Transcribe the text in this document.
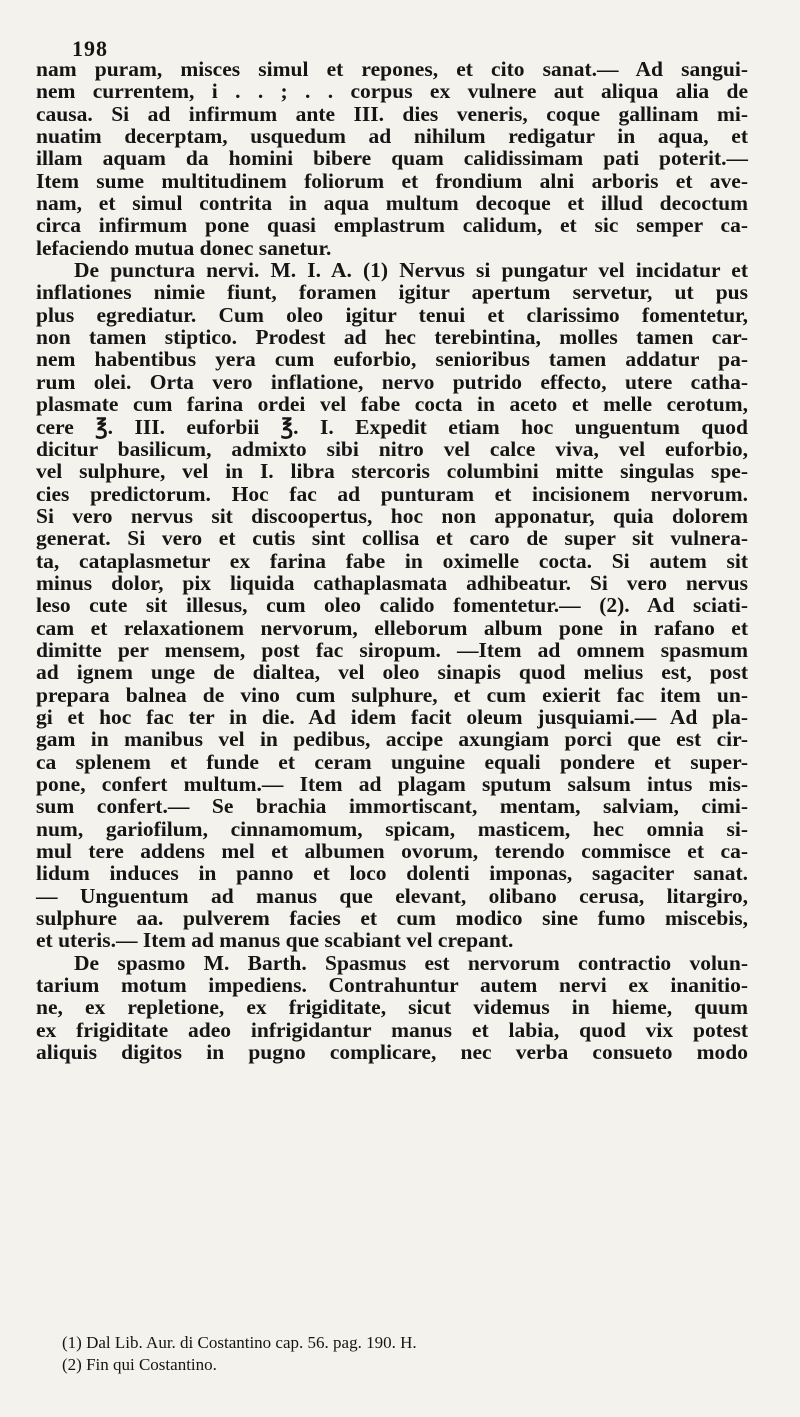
198
nam puram, misces simul et repones, et cito sanat.— Ad sangui-
nem currentem, i . . ; . . corpus ex vulnere aut aliqua alia de
causa. Si ad infirmum ante III. dies veneris, coque gallinam mi-
nuatim decerptam, usquedum ad nihilum redigatur in aqua, et
illam aquam da homini bibere quam calidissimam pati poterit.—
Item sume multitudinem foliorum et frondium alni arboris et ave-
nam, et simul contrita in aqua multum decoque et illud decoctum
circa infirmum pone quasi emplastrum calidum, et sic semper ca-
lefaciendo mutua donec sanetur.
De punctura nervi. M. I. A. (1) Nervus si pungatur vel incidatur et
inflationes nimie fiunt, foramen igitur apertum servetur, ut pus
plus egrediatur. Cum oleo igitur tenui et clarissimo fomentetur,
non tamen stiptico. Prodest ad hec terebintina, molles tamen car-
nem habentibus yera cum euforbio, senioribus tamen addatur pa-
rum olei. Orta vero inflatione, nervo putrido effecto, utere catha-
plasmate cum farina ordei vel fabe cocta in aceto et melle cerotum,
cere ℥. III. euforbii ℥. I. Expedit etiam hoc unguentum quod
dicitur basilicum, admixto sibi nitro vel calce viva, vel euforbio,
vel sulphure, vel in I. libra stercoris columbini mitte singulas spe-
cies predictorum. Hoc fac ad punturam et incisionem nervorum.
Si vero nervus sit discoopertus, hoc non apponatur, quia dolorem
generat. Si vero et cutis sint collisa et caro de super sit vulnera-
ta, cataplasmetur ex farina fabe in oximelle cocta. Si autem sit
minus dolor, pix liquida cathaplasmata adhibeatur. Si vero nervus
leso cute sit illesus, cum oleo calido fomentetur.— (2). Ad sciati-
cam et relaxationem nervorum, elleborum album pone in rafano et
dimitte per mensem, post fac siropum. —Item ad omnem spasmum
ad ignem unge de dialtea, vel oleo sinapis quod melius est, post
prepara balnea de vino cum sulphure, et cum exierit fac item un-
gi et hoc fac ter in die. Ad idem facit oleum jusquiami.— Ad pla-
gam in manibus vel in pedibus, accipe axungiam porci que est cir-
ca splenem et funde et ceram unguine equali pondere et super-
pone, confert multum.— Item ad plagam sputum salsum intus mis-
sum confert.— Se brachia immortiscant, mentam, salviam, cimi-
num, gariofilum, cinnamomum, spicam, masticem, hec omnia si-
mul tere addens mel et albumen ovorum, terendo commisce et ca-
lidum induces in panno et loco dolenti imponas, sagaciter sanat.
— Unguentum ad manus que elevant, olibano cerusa, litargiro,
sulphure aa. pulverem facies et cum modico sine fumo miscebis,
et uteris.— Item ad manus que scabiant vel crepant.
De spasmo M. Barth. Spasmus est nervorum contractio volun-
tarium motum impediens. Contrahuntur autem nervi ex inanitio-
ne, ex repletione, ex frigiditate, sicut videmus in hieme, quum
ex frigiditate adeo infrigidantur manus et labia, quod vix potest
aliquis digitos in pugno complicare, nec verba consueto modo
(1) Dal Lib. Aur. di Costantino cap. 56. pag. 190. H.
(2) Fin qui Costantino.
